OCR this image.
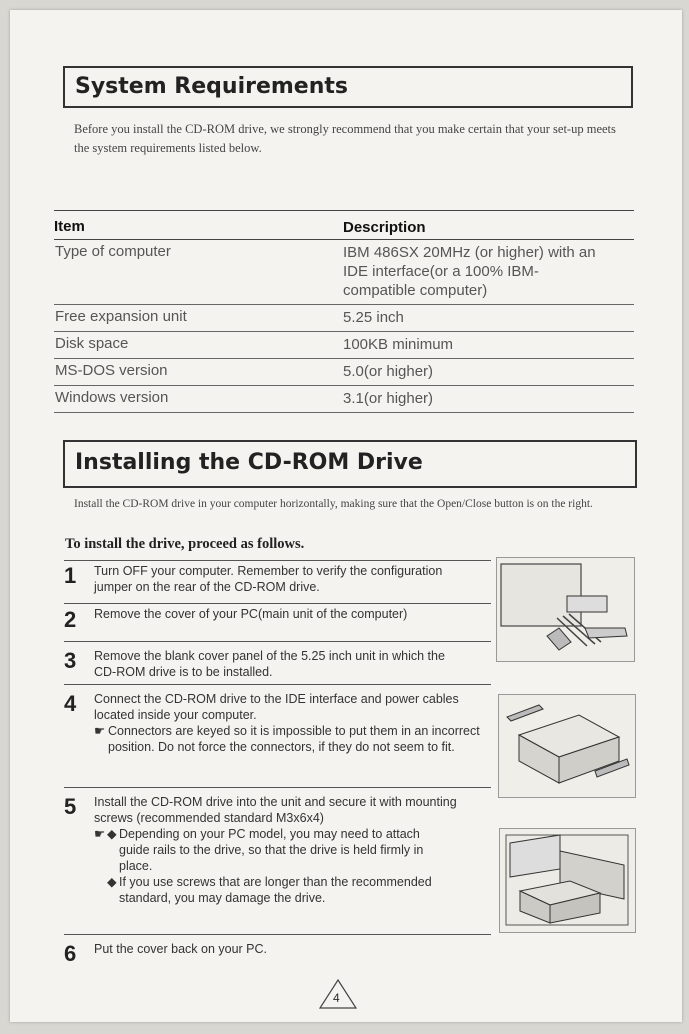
System Requirements
Before you install the CD-ROM drive, we strongly recommend that you make certain that your set-up meets the system requirements listed below.
Item	Description
Type of computer	IBM 486SX 20MHz (or higher) with an IDE interface(or a 100% IBM-compatible computer)
Free expansion unit	5.25 inch
Disk space	100KB minimum
MS-DOS version	5.0(or higher)
Windows version	3.1(or higher)
Installing the CD-ROM Drive
Install the CD-ROM drive in your computer horizontally, making sure that the Open/Close button is on the right.
To install the drive, proceed as follows.
1 Turn OFF your computer. Remember to verify the configuration jumper on the rear of the CD-ROM drive.
2 Remove the cover of your PC(main unit of the computer)
3 Remove the blank cover panel of the 5.25 inch unit in which the CD-ROM drive is to be installed.
4 Connect the CD-ROM drive to the IDE interface and power cables located inside your computer.
☛ Connectors are keyed so it is impossible to put them in an incorrect position. Do not force the connectors, if they do not seem to fit.
5 Install the CD-ROM drive into the unit and secure it with mounting screws (recommended standard M3x6x4)
☛ ◆ Depending on your PC model, you may need to attach guide rails to the drive, so that the drive is held firmly in place.
◆ If you use screws that are longer than the recommended standard, you may damage the drive.
6 Put the cover back on your PC.
4
